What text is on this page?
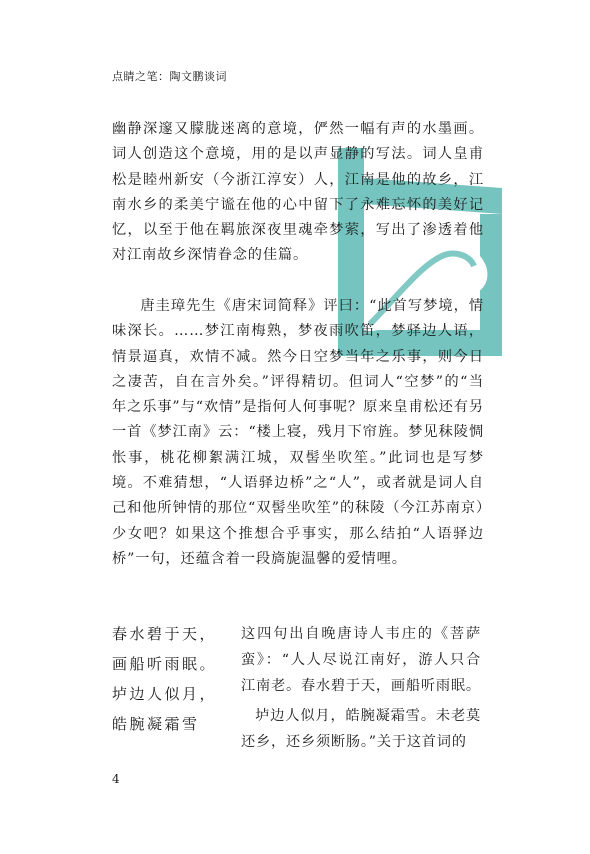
点睛之笔：陶文鹏谈词

幽静深邃又朦胧迷离的意境，俨然一幅有声的水墨画。词人创造这个意境，用的是以声显静的写法。词人皇甫松是睦州新安（今浙江淳安）人，江南是他的故乡，江南水乡的柔美宁谧在他的心中留下了永难忘怀的美好记忆，以至于他在羁旅深夜里魂牵梦萦，写出了渗透着他对江南故乡深情眷念的佳篇。

唐圭璋先生《唐宋词简释》评曰：“此首写梦境，情味深长。……梦江南梅熟，梦夜雨吹笛，梦驿边人语，情景逼真，欢情不减。然今日空梦当年之乐事，则今日之凄苦，自在言外矣。”评得精切。但词人“空梦”的“当年之乐事”与“欢情”是指何人何事呢？原来皇甫松还有另一首《梦江南》云：“楼上寝，残月下帘旌。梦见秣陵惆怅事，桃花柳絮满江城，双髻坐吹笙。”此词也是写梦境。不难猜想，“人语驿边桥”之“人”，或者就是词人自己和他所钟情的那位“双髻坐吹笙”的秣陵（今江苏南京）少女吧？如果这个推想合乎事实，那么结拍“人语驿边桥”一句，还蕴含着一段旖旎温馨的爱情哩。

春水碧于天，
画船听雨眠。
垆边人似月，
皓腕凝霜雪

这四句出自晚唐诗人韦庄的《菩萨蛮》：“人人尽说江南好，游人只合江南老。春水碧于天，画船听雨眠。

垆边人似月，皓腕凝霜雪。未老莫还乡，还乡须断肠。”关于这首词的

4
